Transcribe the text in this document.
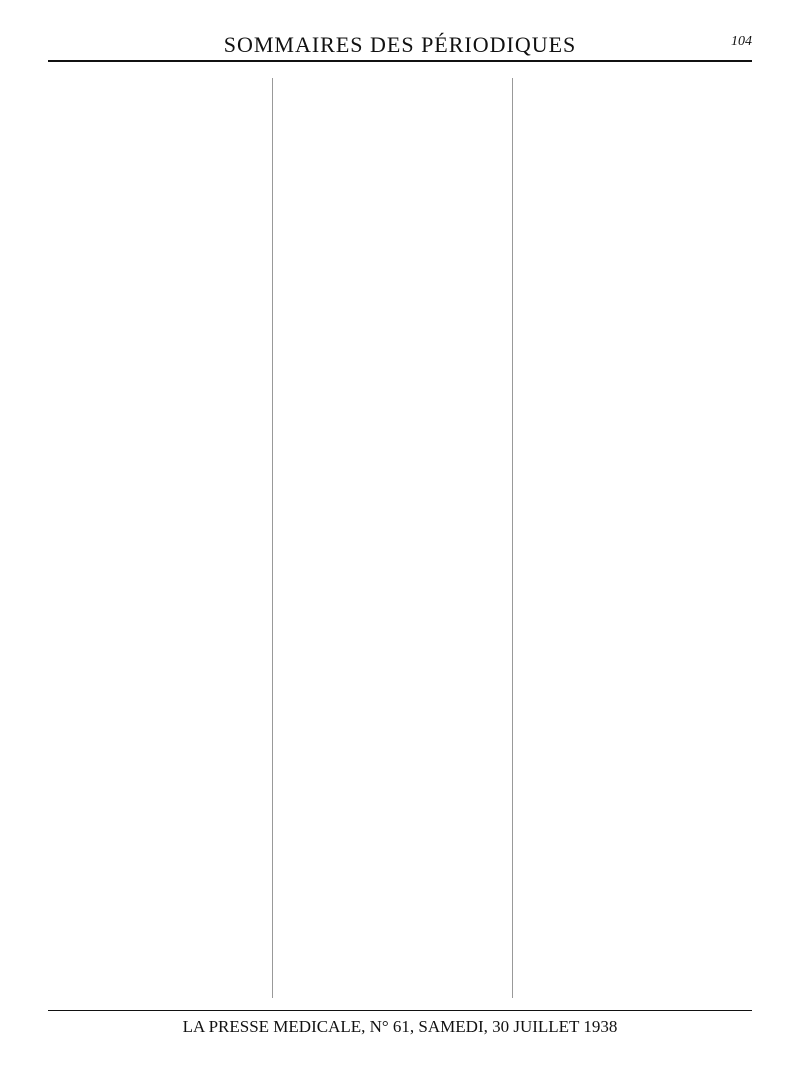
SOMMAIRES DES PÉRIODIQUES	104
LA PRESSE MEDICALE, N° 61, SAMEDI, 30 JUILLET 1938
